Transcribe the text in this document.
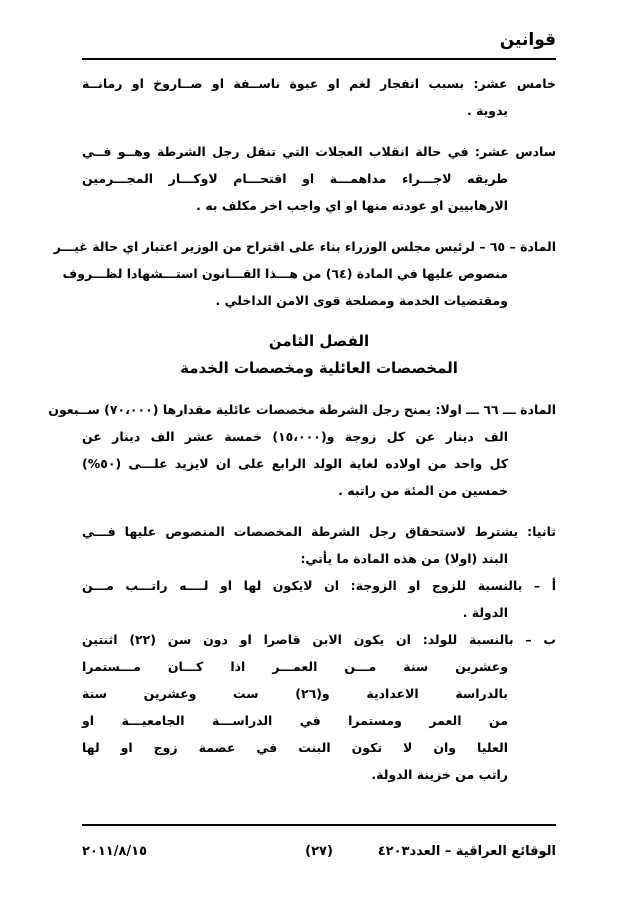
قوانين
خامس عشر: بسبب انفجار لغم او عبوة ناســفة او صــاروخ او رمانــة
يدوية .
سادس عشر: في حالة انقلاب العجلات التي تنقل رجل الشرطة وهــو فــي
طريقه لاجـــراء مداهمـــة او اقتحـــام لاوكـــار المجـــرمين
الارهابيين او عودته منها او اي واجب اخر مكلف به .
المادة – ٦٥ – لرئيس مجلس الوزراء بناء على اقتراح من الوزير اعتبار اي حالة غيـــر
منصوص عليها في المادة (٦٤) من هـــذا القـــانون استـــشهادا لظـــروف
ومقتضيات الخدمة ومصلحة قوى الامن الداخلي .
الفصل الثامن
المخصصات العائلية ومخصصات الخدمة
المادة ـــ ٦٦ ـــ اولا: يمنح رجل الشرطة مخصصات عائلية مقدارها (٧٠،٠٠٠) ســبعون
الف دينار عن كل زوجة و(١٥،٠٠٠) خمسة عشر الف دينار عن
كل واحد من اولاده لغاية الولد الرابع على ان لايزيد علـــى (٥٠%)
خمسين من المئة من راتبه .
ثانيا: يشترط لاستحقاق رجل الشرطة المخصصات المنصوص عليها فـــي
البند (اولا) من هذه المادة ما يأتي:
أ – بالنسبة للزوج او الزوجة: ان لايكون لها او لــــه راتـــب مـــن
الدولة .
ب – بالنسبة للولد: ان يكون الابن قاصرا او دون سن (٢٢) اثنتين
وعشرين سنة مـــن العمـــر اذا كـــان مـــستمرا
بالدراسة الاعدادية و(٢٦) ست وعشرين سنة
من العمر ومستمرا في الدراســـة الجامعيـــة او
العليا وان لا تكون البنت في عصمة زوج او لها
راتب من خزينة الدولة.
الوقائع العراقية – العدد٤٢٠٣
(٢٧)
٢٠١١/٨/١٥
